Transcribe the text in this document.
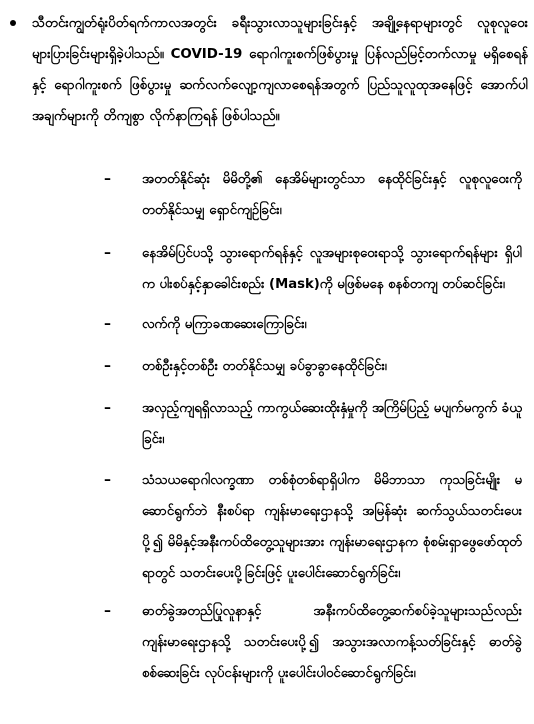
သီတင်းကျွတ်ရုံးပိတ်ရက်ကာလအတွင်း ခရီးသွားလာသူများခြင်းနှင့် အချို့နေရာများတွင် လူစုလူဝေးများပြားခြင်းများရှိခဲ့ပါသည်။ COVID-19 ရောဂါကူးစက်ဖြစ်ပွားမှု ပြန်လည်မြင့်တက်လာမှု မရှိစေရန်နှင့် ရောဂါကူးစက် ဖြစ်ပွားမှု ဆက်လက်လျော့ကျလာစေရန်အတွက် ပြည်သူလူထုအနေဖြင့် အောက်ပါအချက်များကို တိကျစွာ လိုက်နာကြရန် ဖြစ်ပါသည်။
– အတတ်နိုင်ဆုံး မိမိတို့၏ နေအိမ်များတွင်သာ နေထိုင်ခြင်းနှင့် လူစုလူဝေးကို တတ်နိုင်သမျှ ရှောင်ကျဉ်ခြင်း၊
– နေအိမ်ပြင်ပသို့ သွားရောက်ရန်နှင့် လူအများစုဝေးရာသို့ သွားရောက်ရန်များ ရှိပါက ပါးစပ်နှင့်နှာခေါင်းစည်း (Mask)ကို မဖြစ်မနေ စနစ်တကျ တပ်ဆင်ခြင်း၊
– လက်ကို မကြာခဏဆေးကြောခြင်း၊
– တစ်ဦးနှင့်တစ်ဦး တတ်နိုင်သမျှ ခပ်ခွာခွာနေထိုင်ခြင်း၊
– အလှည့်ကျရရှိလာသည့် ကာကွယ်ဆေးထိုးနှံမှုကို အကြိမ်ပြည့် မပျက်မကွက် ခံယူခြင်း၊
– သံသယရောဂါလက္ခဏာ တစ်စုံတစ်ရာရှိပါက မိမိဘာသာ ကုသခြင်းမျိုး မဆောင်ရွက်ဘဲ နီးစပ်ရာ ကျန်းမာရေးဌာနသို့ အမြန်ဆုံး ဆက်သွယ်သတင်းပေးပို့၍ မိမိနှင့်အနီးကပ်ထိတွေ့သူများအား ကျန်းမာရေးဌာနက စုံစမ်းရှာဖွေဖော်ထုတ်ရာတွင် သတင်းပေးပို့ခြင်းဖြင့် ပူးပေါင်းဆောင်ရွက်ခြင်း၊
– ဓာတ်ခွဲအတည်ပြုလူနာနှင့် အနီးကပ်ထိတွေ့ဆက်စပ်ခဲ့သူများသည်လည်း ကျန်းမာရေးဌာနသို့ သတင်းပေးပို့၍ အသွားအလာကန့်သတ်ခြင်းနှင့် ဓာတ်ခွဲစစ်ဆေးခြင်း လုပ်ငန်းများကို ပူးပေါင်းပါဝင်ဆောင်ရွက်ခြင်း၊
